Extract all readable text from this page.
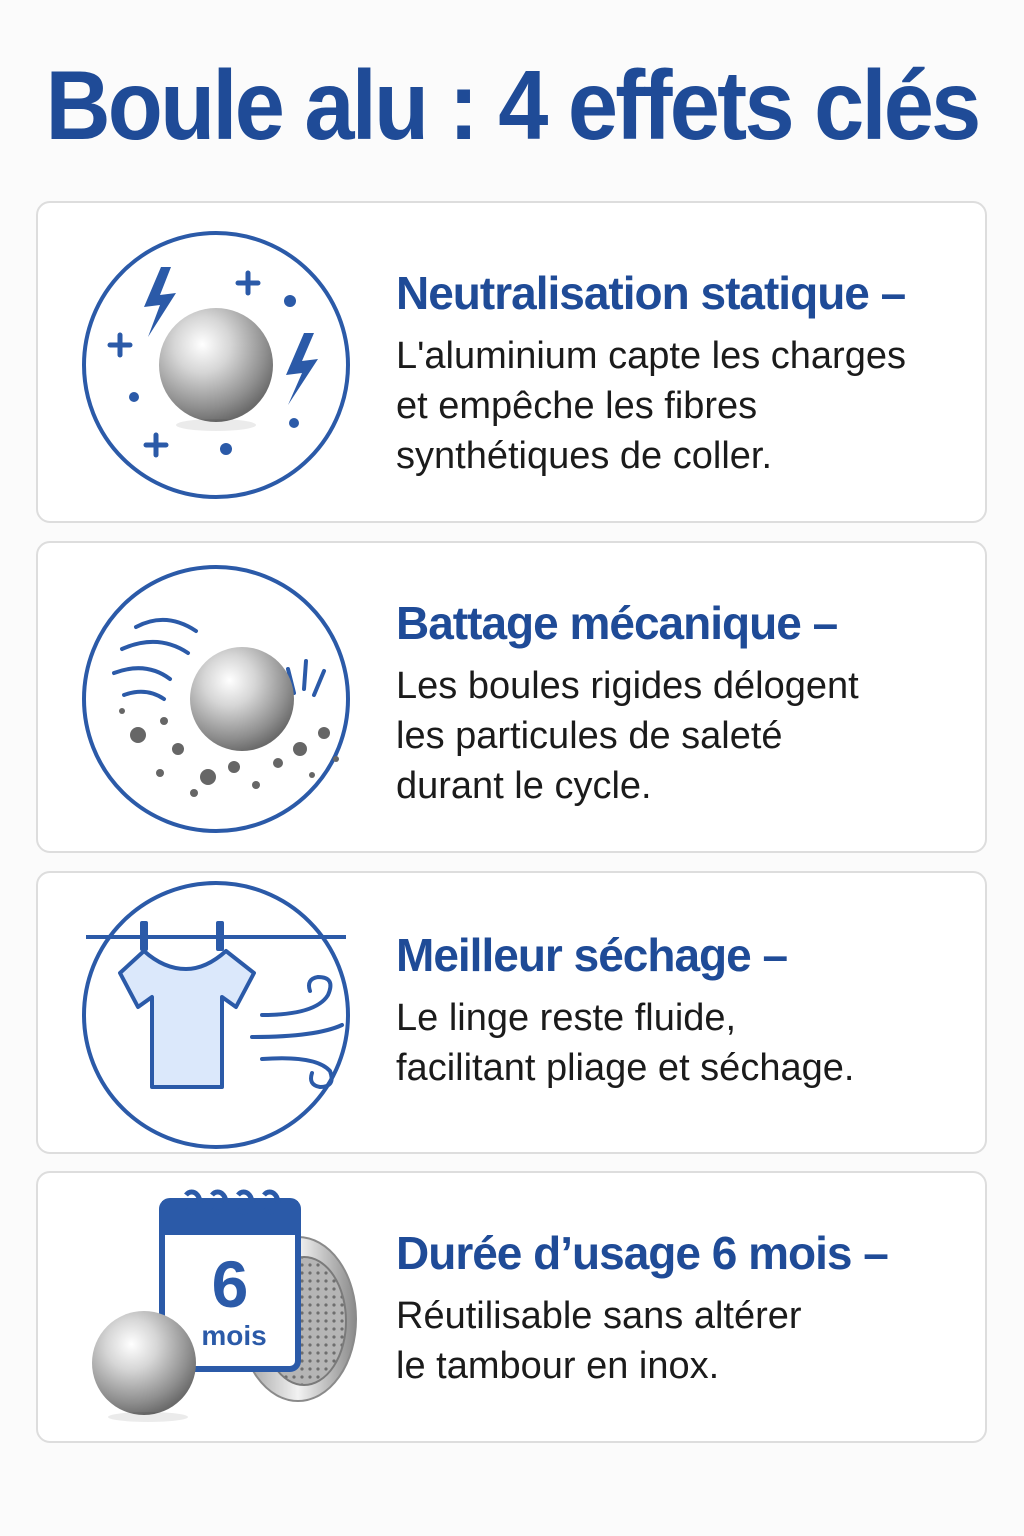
Boule alu : 4 effets clés
Neutralisation statique –

L'aluminium capte les charges
et empêche les fibres
synthétiques de coller.

Battage mécanique –

Les boules rigides délogent
les particules de saleté
durant le cycle.

Meilleur séchage –

Le linge reste fluide,
facilitant pliage et séchage.

6
mois
Durée d’usage 6 mois –

Réutilisable sans altérer
le tambour en inox.
